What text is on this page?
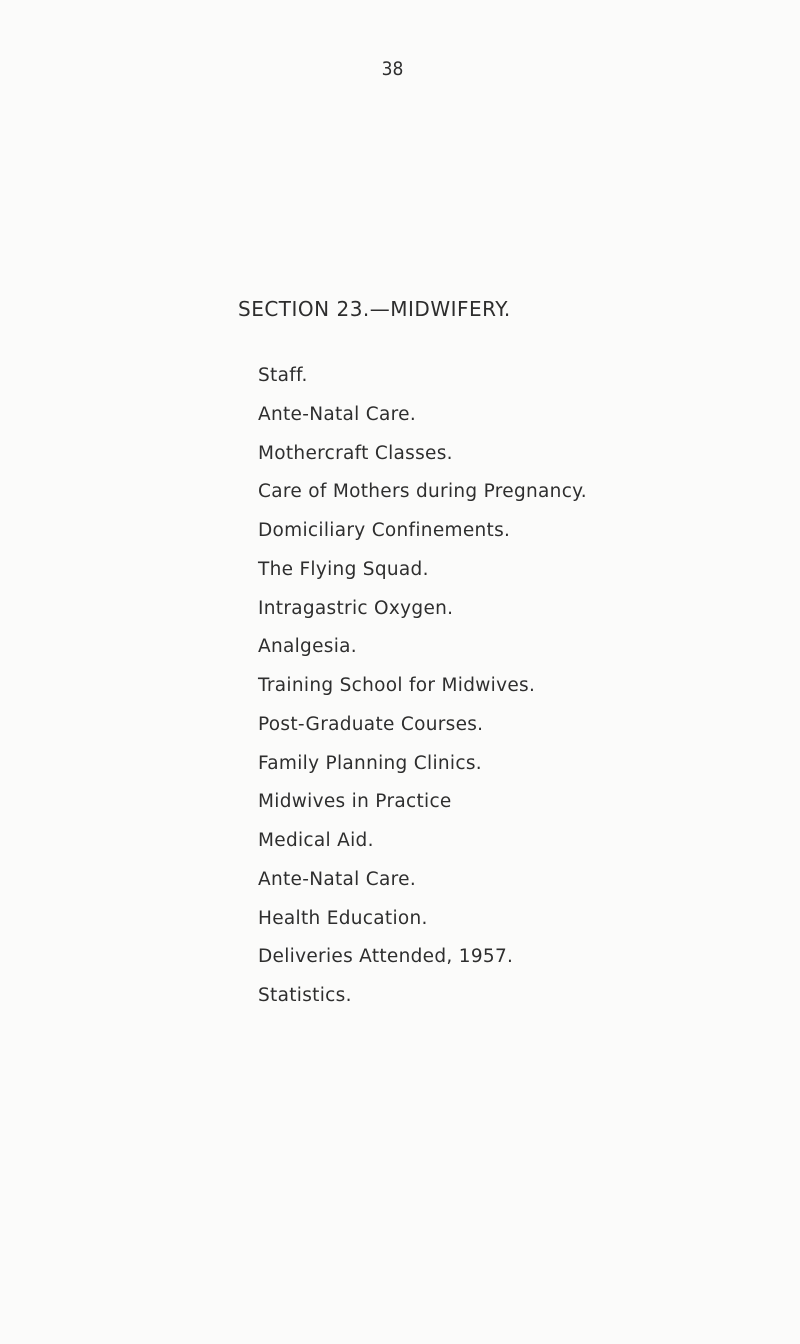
38
SECTION 23.—MIDWIFERY.
Staff.
Ante-Natal Care.
Mothercraft Classes.
Care of Mothers during Pregnancy.
Domiciliary Confinements.
The Flying Squad.
Intragastric Oxygen.
Analgesia.
Training School for Midwives.
Post-Graduate Courses.
Family Planning Clinics.
Midwives in Practice
Medical Aid.
Ante-Natal Care.
Health Education.
Deliveries Attended, 1957.
Statistics.
